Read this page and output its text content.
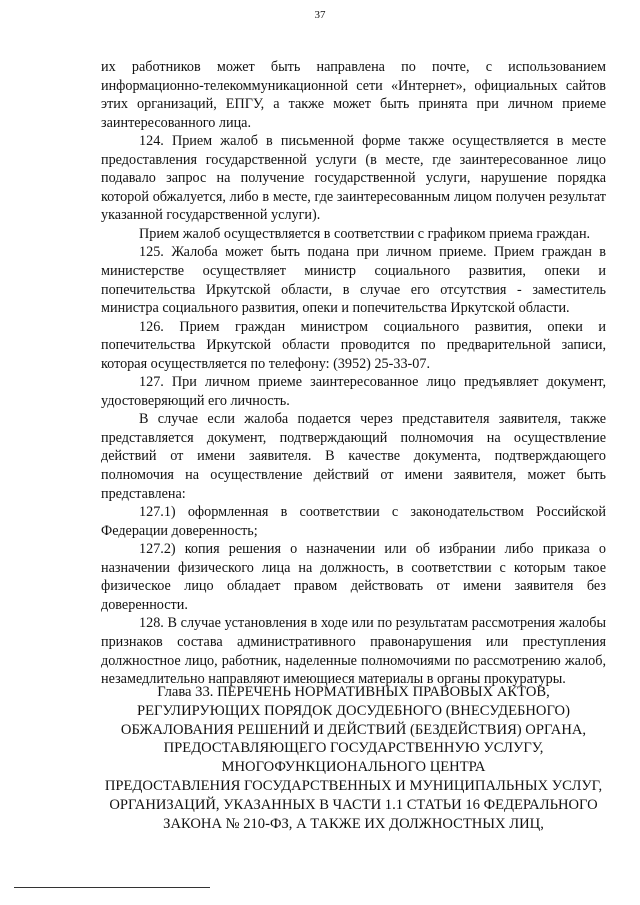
37

их работников может быть направлена по почте, с использованием информационно-телекоммуникационной сети «Интернет», официальных сайтов этих организаций, ЕПГУ, а также может быть принята при личном приеме заинтересованного лица.

124. Прием жалоб в письменной форме также осуществляется в месте предоставления государственной услуги (в месте, где заинтересованное лицо подавало запрос на получение государственной услуги, нарушение порядка которой обжалуется, либо в месте, где заинтересованным лицом получен результат указанной государственной услуги).

Прием жалоб осуществляется в соответствии с графиком приема граждан.

125. Жалоба может быть подана при личном приеме. Прием граждан в министерстве осуществляет министр социального развития, опеки и попечительства Иркутской области, в случае его отсутствия - заместитель министра социального развития, опеки и попечительства Иркутской области.

126. Прием граждан министром социального развития, опеки и попечительства Иркутской области проводится по предварительной записи, которая осуществляется по телефону: (3952) 25-33-07.

127. При личном приеме заинтересованное лицо предъявляет документ, удостоверяющий его личность.

В случае если жалоба подается через представителя заявителя, также представляется документ, подтверждающий полномочия на осуществление действий от имени заявителя. В качестве документа, подтверждающего полномочия на осуществление действий от имени заявителя, может быть представлена:

127.1) оформленная в соответствии с законодательством Российской Федерации доверенность;

127.2) копия решения о назначении или об избрании либо приказа о назначении физического лица на должность, в соответствии с которым такое физическое лицо обладает правом действовать от имени заявителя без доверенности.

128. В случае установления в ходе или по результатам рассмотрения жалобы признаков состава административного правонарушения или преступления должностное лицо, работник, наделенные полномочиями по рассмотрению жалоб, незамедлительно направляют имеющиеся материалы в органы прокуратуры.

Глава 33. ПЕРЕЧЕНЬ НОРМАТИВНЫХ ПРАВОВЫХ АКТОВ,
РЕГУЛИРУЮЩИХ ПОРЯДОК ДОСУДЕБНОГО (ВНЕСУДЕБНОГО)
ОБЖАЛОВАНИЯ РЕШЕНИЙ И ДЕЙСТВИЙ (БЕЗДЕЙСТВИЯ) ОРГАНА,
ПРЕДОСТАВЛЯЮЩЕГО ГОСУДАРСТВЕННУЮ УСЛУГУ,
МНОГОФУНКЦИОНАЛЬНОГО ЦЕНТРА
ПРЕДОСТАВЛЕНИЯ ГОСУДАРСТВЕННЫХ И МУНИЦИПАЛЬНЫХ УСЛУГ,
ОРГАНИЗАЦИЙ, УКАЗАННЫХ В ЧАСТИ 1.1 СТАТЬИ 16 ФЕДЕРАЛЬНОГО
ЗАКОНА № 210-ФЗ, А ТАКЖЕ ИХ ДОЛЖНОСТНЫХ ЛИЦ,
